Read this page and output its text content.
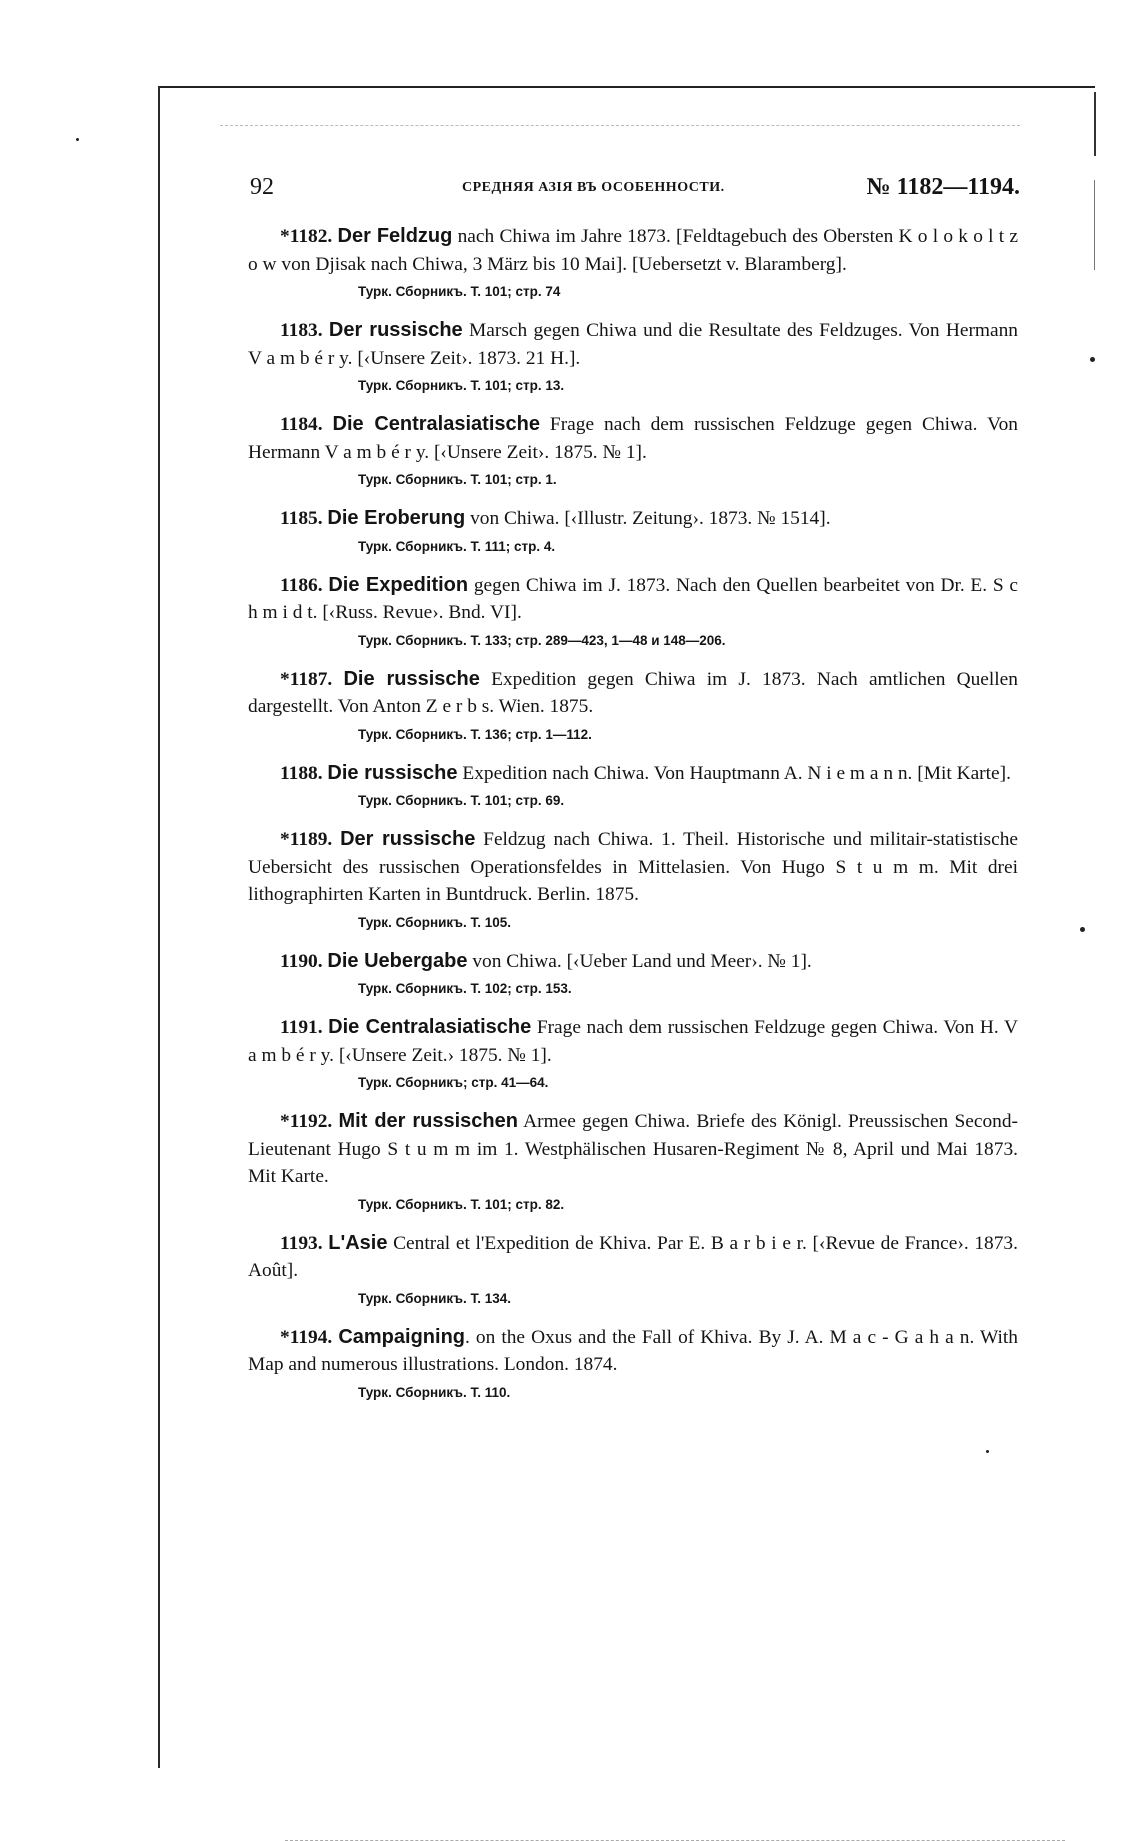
92	СРЕДНЯЯ АЗІЯ ВЪ ОСОБЕННОСТИ.	№ 1182—1194.
*1182. Der Feldzug nach Chiwa im Jahre 1873. [Feldtagebuch des Obersten K o l o k o l t z o w von Djisak nach Chiwa, 3 März bis 10 Mai]. [Uebersetzt v. Blaramberg].
Турк. Сборникъ. Т. 101; стр. 74
1183. Der russische Marsch gegen Chiwa und die Resultate des Feldzuges. Von Hermann V a m b é r y. [‹Unsere Zeit›. 1873. 21 H.].
Турк. Сборникъ. Т. 101; стр. 13.
1184. Die Centralasiatische Frage nach dem russischen Feldzuge gegen Chiwa. Von Hermann V a m b é r y. [‹Unsere Zeit›. 1875. № 1].
Турк. Сборникъ. Т. 101; стр. 1.
1185. Die Eroberung von Chiwa. [‹Illustr. Zeitung›. 1873. № 1514].
Турк. Сборникъ. Т. 111; стр. 4.
1186. Die Expedition gegen Chiwa im J. 1873. Nach den Quellen bearbeitet von Dr. E. S c h m i d t. [‹Russ. Revue›. Bnd. VI].
Турк. Сборникъ. Т. 133; стр. 289—423, 1—48 и 148—206.
*1187. Die russische Expedition gegen Chiwa im J. 1873. Nach amtlichen Quellen dargestellt. Von Anton Z e r b s. Wien. 1875.
Турк. Сборникъ. Т. 136; стр. 1—112.
1188. Die russische Expedition nach Chiwa. Von Hauptmann A. N i e m a n n. [Mit Karte].
Турк. Сборникъ. Т. 101; стр. 69.
*1189. Der russische Feldzug nach Chiwa. 1. Theil. Historische und militair-statistische Uebersicht des russischen Operationsfeldes in Mittelasien. Von Hugo S t u m m. Mit drei lithographirten Karten in Buntdruck. Berlin. 1875.
Турк. Сборникъ. Т. 105.
1190. Die Uebergabe von Chiwa. [‹Ueber Land und Meer›. № 1].
Турк. Сборникъ. Т. 102; стр. 153.
1191. Die Centralasiatische Frage nach dem russischen Feldzuge gegen Chiwa. Von H. V a m b é r y. [‹Unsere Zeit.› 1875. № 1].
Турк. Сборникъ; стр. 41—64.
*1192. Mit der russischen Armee gegen Chiwa. Briefe des Königl. Preussischen Second-Lieutenant Hugo S t u m m im 1. Westphälischen Husaren-Regiment № 8, April und Mai 1873. Mit Karte.
Турк. Сборникъ. Т. 101; стр. 82.
1193. L'Asie Central et l'Expedition de Khiva. Par E. B a r b i e r. [‹Revue de France›. 1873. Août].
Турк. Сборникъ. Т. 134.
*1194. Campaigning. on the Oxus and the Fall of Khiva. By J. A. M a c - G a h a n. With Map and numerous illustrations. London. 1874.
Турк. Сборникъ. Т. 110.
